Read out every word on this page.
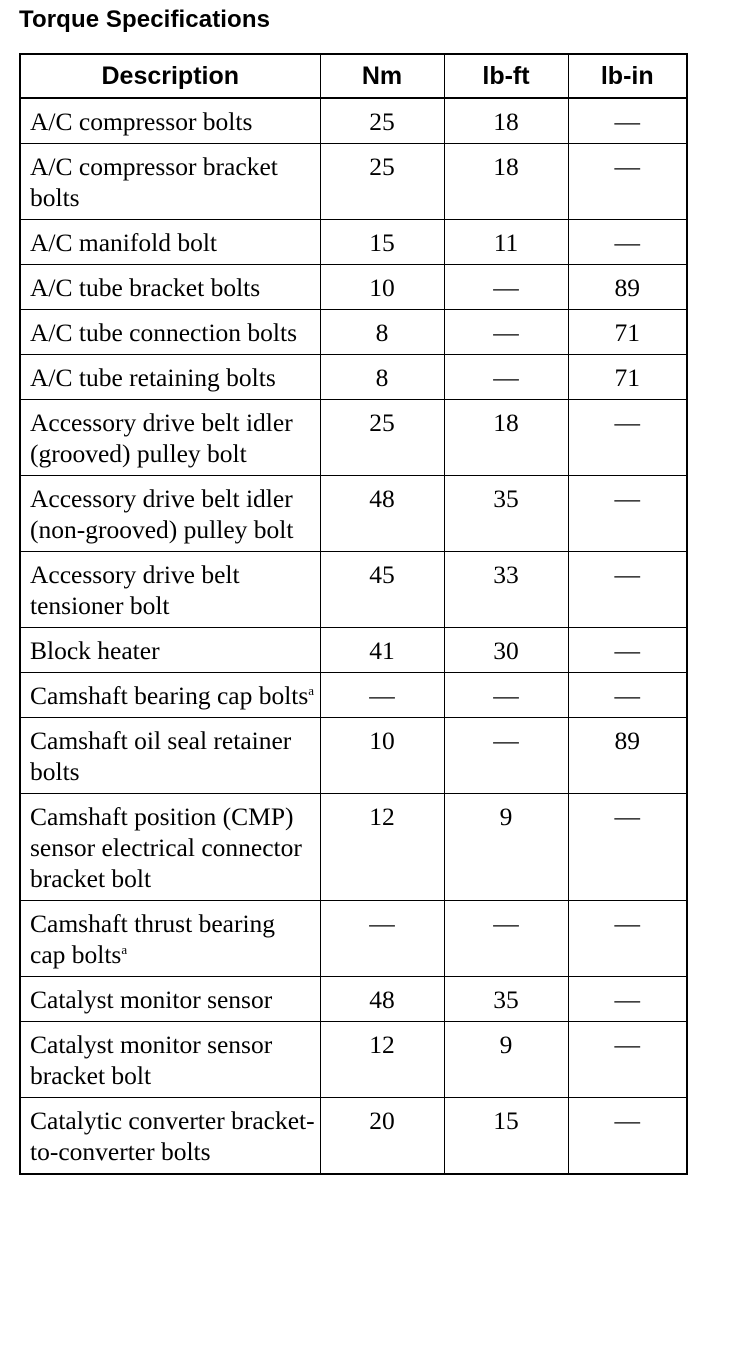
Torque Specifications
Description	Nm	lb-ft	lb-in
A/C compressor bolts	25	18	—
A/C compressor bracket bolts	25	18	—
A/C manifold bolt	15	11	—
A/C tube bracket bolts	10	—	89
A/C tube connection bolts	8	—	71
A/C tube retaining bolts	8	—	71
Accessory drive belt idler (grooved) pulley bolt	25	18	—
Accessory drive belt idler (non-grooved) pulley bolt	48	35	—
Accessory drive belt tensioner bolt	45	33	—
Block heater	41	30	—
Camshaft bearing cap bolts$^a$	—	—	—
Camshaft oil seal retainer bolts	10	—	89
Camshaft position (CMP) sensor electrical connector bracket bolt	12	9	—
Camshaft thrust bearing cap bolts$^a$	—	—	—
Catalyst monitor sensor	48	35	—
Catalyst monitor sensor bracket bolt	12	9	—
Catalytic converter bracket-to-converter bolts	20	15	—
